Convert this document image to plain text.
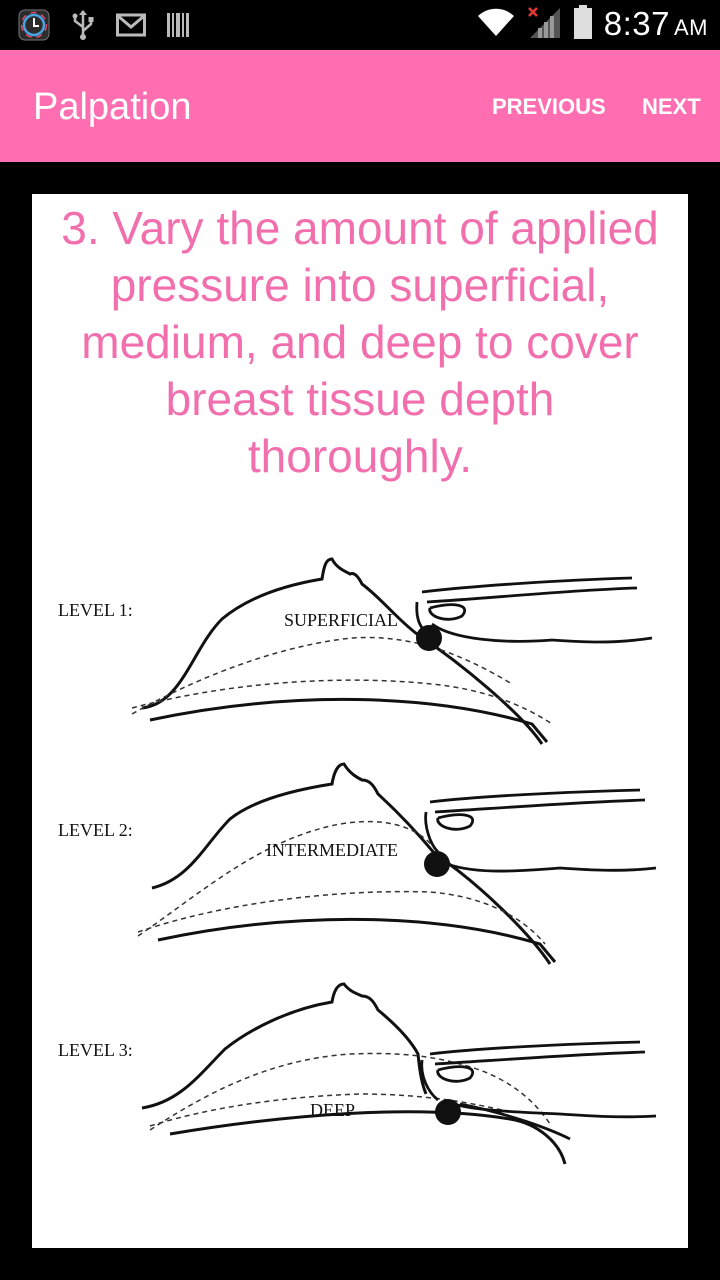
8:37 AM
Palpation	PREVIOUS NEXT
3. Vary the amount of applied
pressure into superficial,
medium, and deep to cover
breast tissue depth
thoroughly.
LEVEL 1:	SUPERFICIAL
LEVEL 2:
INTERMEDIATE
LEVEL 3:
DEEP
